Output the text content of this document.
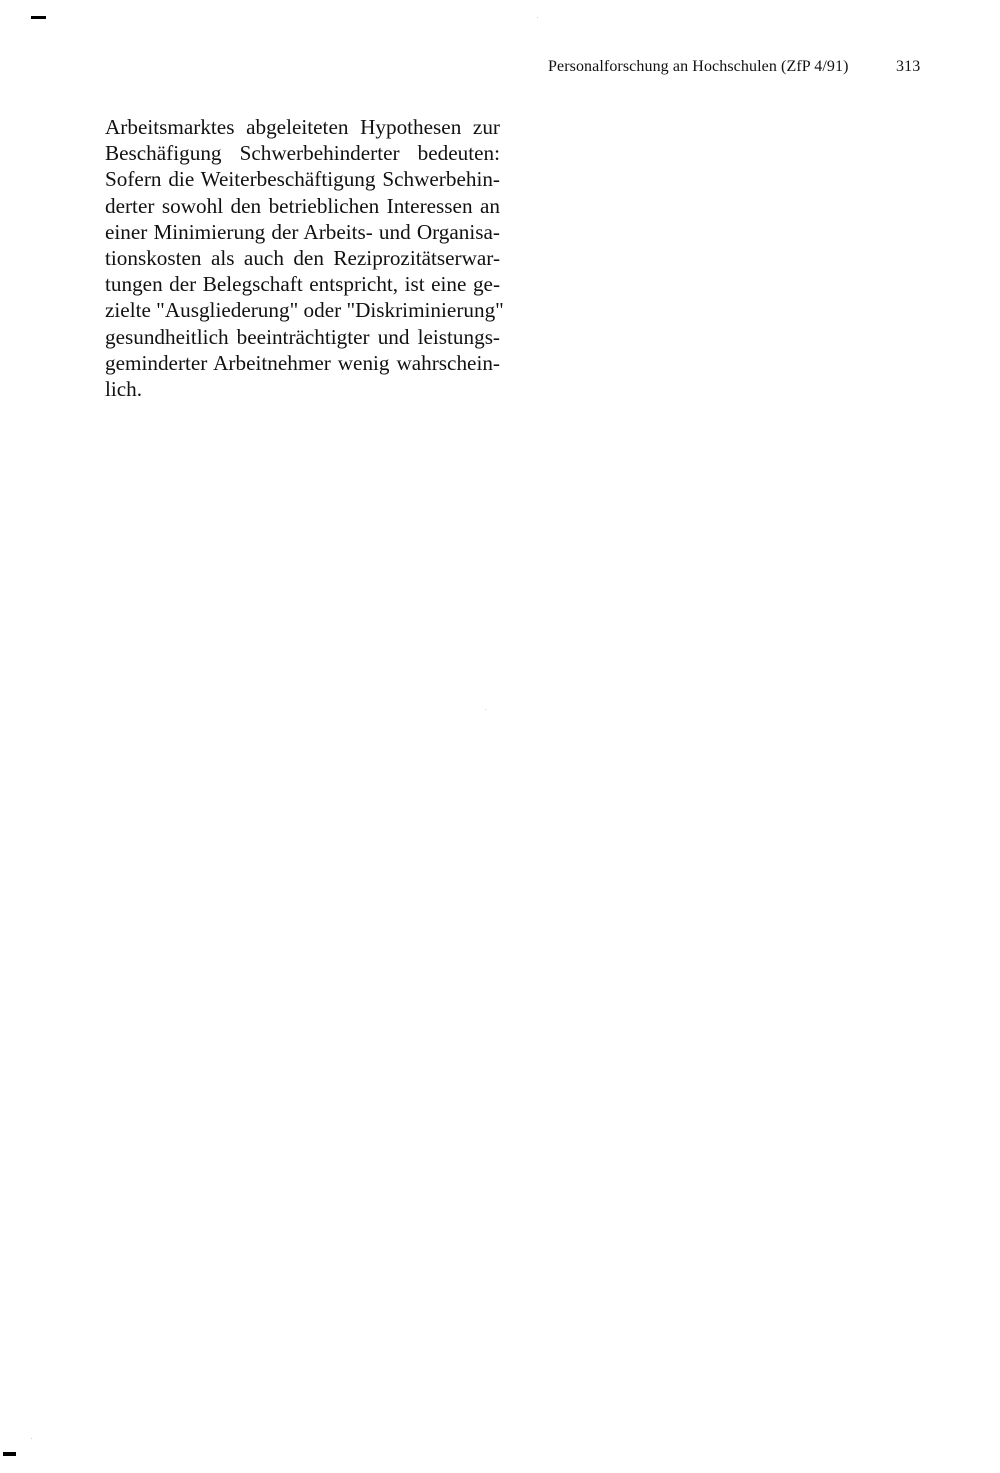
Personalforschung an Hochschulen (ZfP 4/91)	313
Arbeitsmarktes abgeleiteten Hypothesen zur
Beschäfigung Schwerbehinderter bedeuten:
Sofern die Weiterbeschäftigung Schwerbehin-
derter sowohl den betrieblichen Interessen an
einer Minimierung der Arbeits- und Organisa-
tionskosten als auch den Reziprozitätserwar-
tungen der Belegschaft entspricht, ist eine ge-
zielte "Ausgliederung" oder "Diskriminierung"
gesundheitlich beeinträchtigter und leistungs-
geminderter Arbeitnehmer wenig wahrschein-
lich.
